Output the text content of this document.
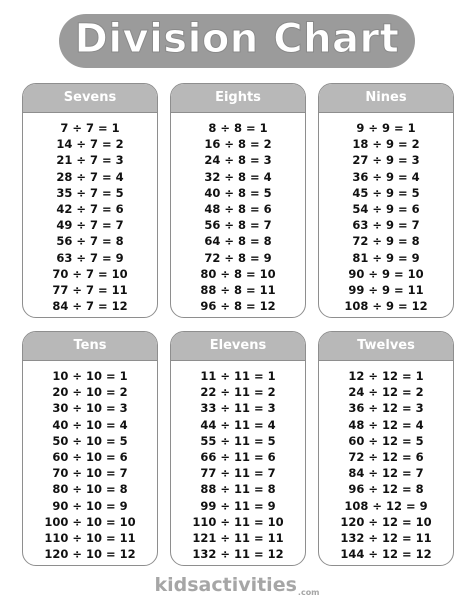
Division Chart
Sevens
7 ÷ 7 = 1
14 ÷ 7 = 2
21 ÷ 7 = 3
28 ÷ 7 = 4
35 ÷ 7 = 5
42 ÷ 7 = 6
49 ÷ 7 = 7
56 ÷ 7 = 8
63 ÷ 7 = 9
70 ÷ 7 = 10
77 ÷ 7 = 11
84 ÷ 7 = 12
Eights
8 ÷ 8 = 1
16 ÷ 8 = 2
24 ÷ 8 = 3
32 ÷ 8 = 4
40 ÷ 8 = 5
48 ÷ 8 = 6
56 ÷ 8 = 7
64 ÷ 8 = 8
72 ÷ 8 = 9
80 ÷ 8 = 10
88 ÷ 8 = 11
96 ÷ 8 = 12
Nines
9 ÷ 9 = 1
18 ÷ 9 = 2
27 ÷ 9 = 3
36 ÷ 9 = 4
45 ÷ 9 = 5
54 ÷ 9 = 6
63 ÷ 9 = 7
72 ÷ 9 = 8
81 ÷ 9 = 9
90 ÷ 9 = 10
99 ÷ 9 = 11
108 ÷ 9 = 12
Tens
10 ÷ 10 = 1
20 ÷ 10 = 2
30 ÷ 10 = 3
40 ÷ 10 = 4
50 ÷ 10 = 5
60 ÷ 10 = 6
70 ÷ 10 = 7
80 ÷ 10 = 8
90 ÷ 10 = 9
100 ÷ 10 = 10
110 ÷ 10 = 11
120 ÷ 10 = 12
Elevens
11 ÷ 11 = 1
22 ÷ 11 = 2
33 ÷ 11 = 3
44 ÷ 11 = 4
55 ÷ 11 = 5
66 ÷ 11 = 6
77 ÷ 11 = 7
88 ÷ 11 = 8
99 ÷ 11 = 9
110 ÷ 11 = 10
121 ÷ 11 = 11
132 ÷ 11 = 12
Twelves
12 ÷ 12 = 1
24 ÷ 12 = 2
36 ÷ 12 = 3
48 ÷ 12 = 4
60 ÷ 12 = 5
72 ÷ 12 = 6
84 ÷ 12 = 7
96 ÷ 12 = 8
108 ÷ 12 = 9
120 ÷ 12 = 10
132 ÷ 12 = 11
144 ÷ 12 = 12
kidsactivities$_{.com}$
